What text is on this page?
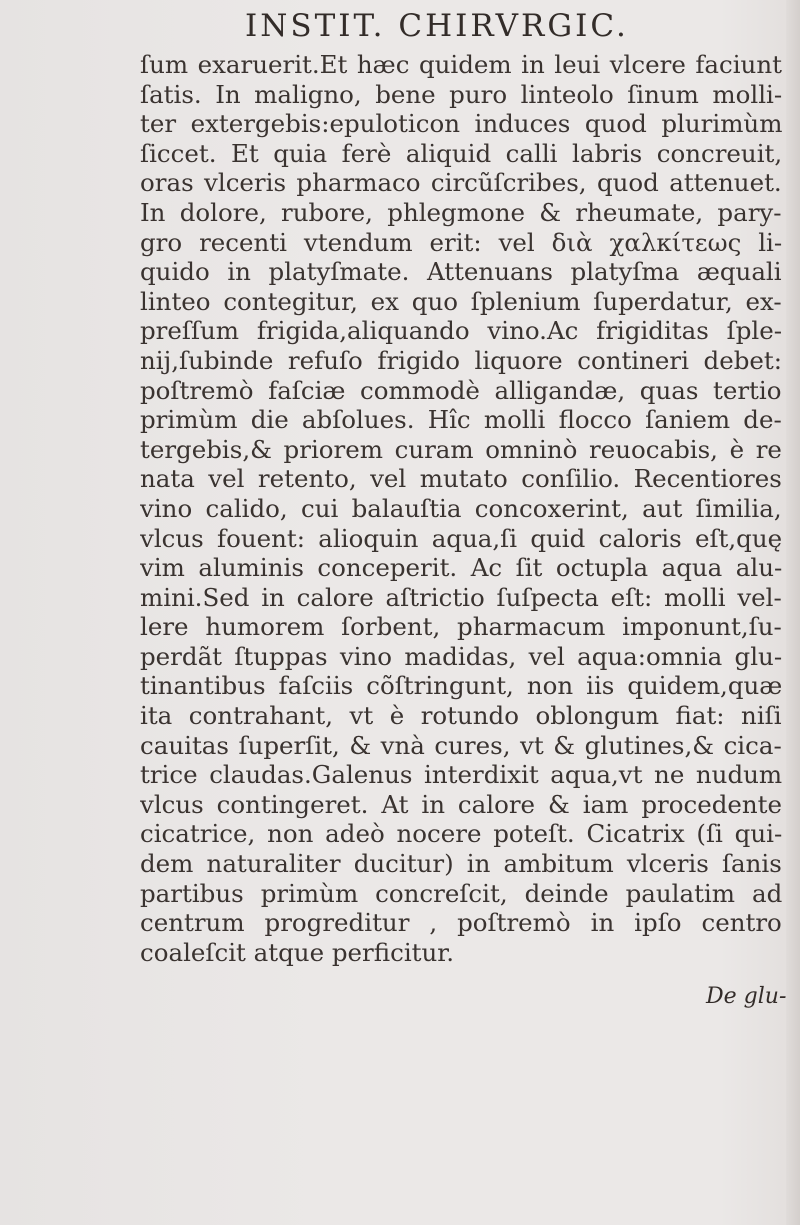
INSTIT. CHIRVRGIC.
ſum exaruerit.Et hæc quidem in leui vlcere faciunt
ſatis. In maligno, bene puro linteolo ſinum molli-
ter extergebis:epuloticon induces quod plurimùm
ſiccet. Et quia ferè aliquid calli labris concreuit,
oras vlceris pharmaco circũſcribes, quod attenuet.
In dolore, rubore, phlegmone & rheumate, pary-
gro recenti vtendum erit: vel διὰ χαλκίτεως li-
quido in platyſmate. Attenuans platyſma æquali
linteo contegitur, ex quo ſplenium ſuperdatur, ex-
preſſum frigida,aliquando vino.Ac frigiditas ſple-
nij,ſubinde refuſo frigido liquore contineri debet:
poſtremò faſciæ commodè alligandæ, quas tertio
primùm die abſolues. Hîc molli flocco ſaniem de-
tergebis,& priorem curam omninò reuocabis, è re
nata vel retento, vel mutato conſilio. Recentiores
vino calido, cui balauſtia concoxerint, aut ſimilia,
vlcus fouent: alioquin aqua,ſi quid caloris eſt,quę
vim aluminis conceperit. Ac ſit octupla aqua alu-
mini.Sed in calore aſtrictio ſuſpecta eſt: molli vel-
lere humorem ſorbent, pharmacum imponunt,ſu-
perdãt ſtuppas vino madidas, vel aqua:omnia glu-
tinantibus faſciis cõſtringunt, non iis quidem,quæ
ita contrahant, vt è rotundo oblongum fiat: niſi
cauitas ſuperſit, & vnà cures, vt & glutines,& cica-
trice claudas.Galenus interdixit aqua,vt ne nudum
vlcus contingeret. At in calore & iam procedente
cicatrice, non adeò nocere poteſt. Cicatrix (ſi qui-
dem naturaliter ducitur) in ambitum vlceris ſanis
partibus primùm concreſcit, deinde paulatim ad
centrum progreditur , poſtremò in ipſo centro
coaleſcit atque perficitur.
De glu-
